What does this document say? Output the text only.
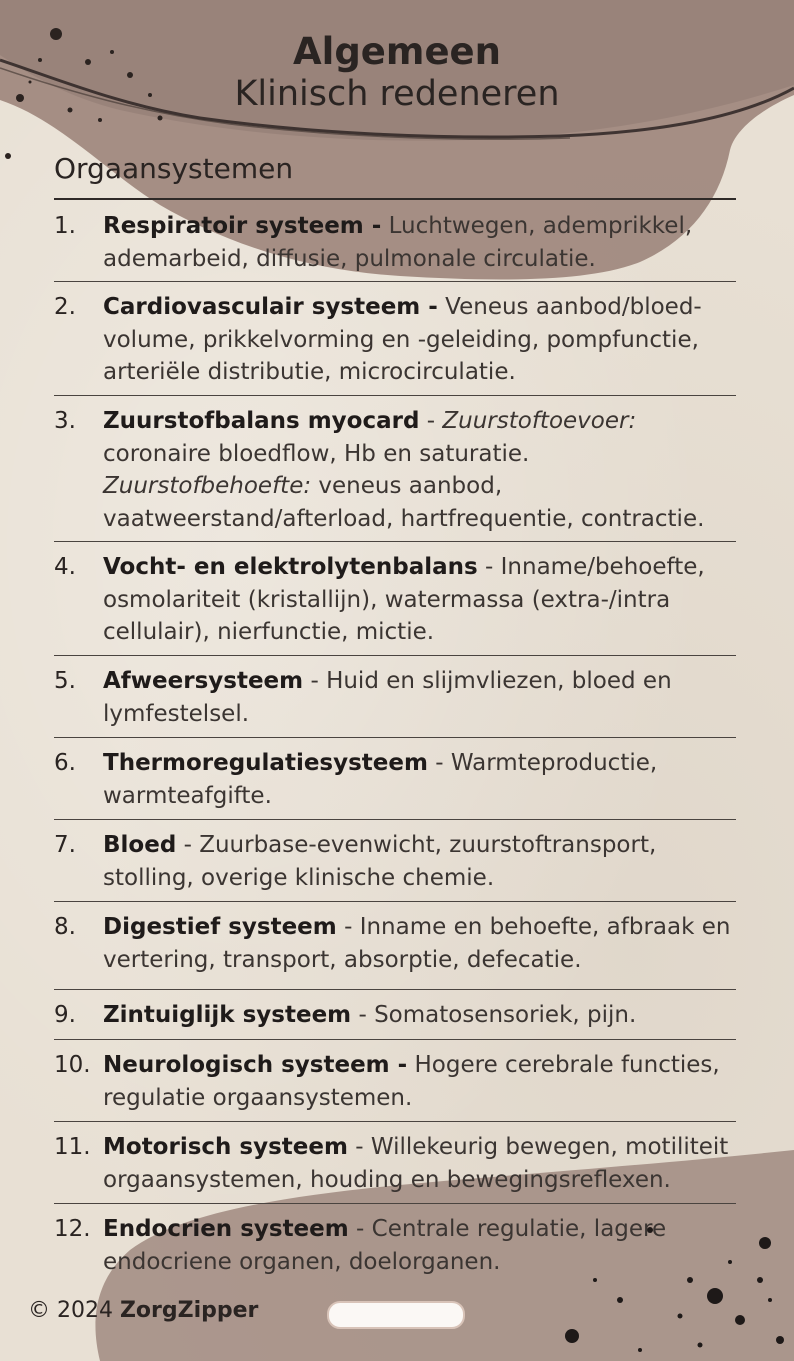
Algemeen
Klinisch redeneren
Orgaansystemen
1.	Respiratoir systeem - Luchtwegen, ademprikkel, ademarbeid, diffusie, pulmonale circulatie.
2.	Cardiovasculair systeem - Veneus aanbod/bloed-volume, prikkelvorming en -geleiding, pompfunctie, arteriële distributie, microcirculatie.
3.	Zuurstofbalans myocard - Zuurstoftoevoer: coronaire bloedflow, Hb en saturatie.  Zuurstofbehoefte: veneus aanbod, vaatweerstand/afterload, hartfrequentie, contractie.
4.	Vocht- en elektrolytenbalans - Inname/behoefte, osmolariteit (kristallijn), watermassa (extra-/intra cellulair), nierfunctie, mictie.
5.	Afweersysteem - Huid en slijmvliezen, bloed en lymfestelsel.
6.	Thermoregulatiesysteem - Warmteproductie, warmteafgifte.
7.	Bloed - Zuurbase-evenwicht, zuurstoftransport, stolling, overige klinische chemie.
8.	Digestief systeem - Inname en behoefte, afbraak en vertering, transport, absorptie, defecatie.
9.	Zintuiglijk systeem - Somatosensoriek, pijn.
10. Neurologisch systeem - Hogere cerebrale functies, regulatie orgaansystemen.
11. Motorisch systeem - Willekeurig bewegen, motiliteit orgaansystemen, houding en bewegingsreflexen.
12. Endocrien systeem - Centrale regulatie, lagere endocriene organen, doelorganen.
© 2024 ZorgZipper
